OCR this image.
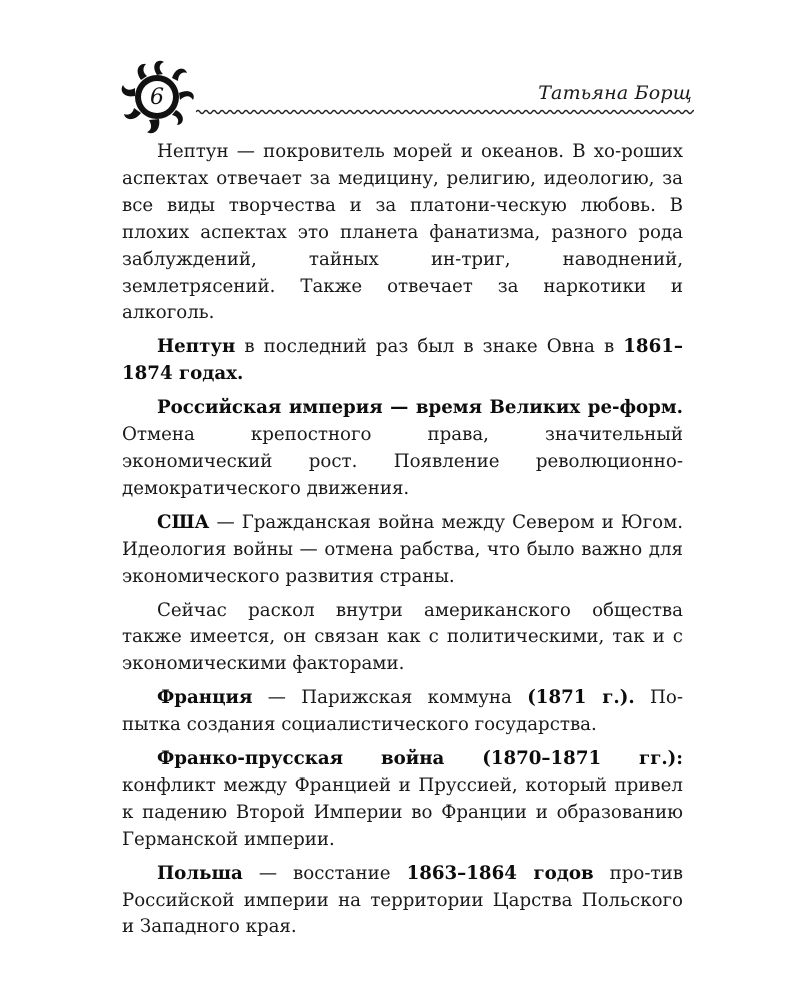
6	Татьяна Борщ

Нептун — покровитель морей и океанов. В хо-роших аспектах отвечает за медицину, религию, идеологию, за все виды творчества и за платони-ческую любовь. В плохих аспектах это планета фанатизма, разного рода заблуждений, тайных ин-триг, наводнений, землетрясений. Также отвечает за наркотики и алкоголь.

Нептун в последний раз был в знаке Овна в 1861–1874 годах.

Российская империя — время Великих ре-форм. Отмена крепостного права, значительный экономический рост. Появление революционно-демократического движения.

США — Гражданская война между Севером и Югом. Идеология войны — отмена рабства, что было важно для экономического развития страны.

Сейчас раскол внутри американского общества также имеется, он связан как с политическими, так и с экономическими факторами.

Франция — Парижская коммуна (1871 г.). По-пытка создания социалистического государства.

Франко-прусская война (1870–1871 гг.): конфликт между Францией и Пруссией, который привел к падению Второй Империи во Франции и образованию Германской империи.

Польша — восстание 1863–1864 годов про-тив Российской империи на территории Царства Польского и Западного края.
